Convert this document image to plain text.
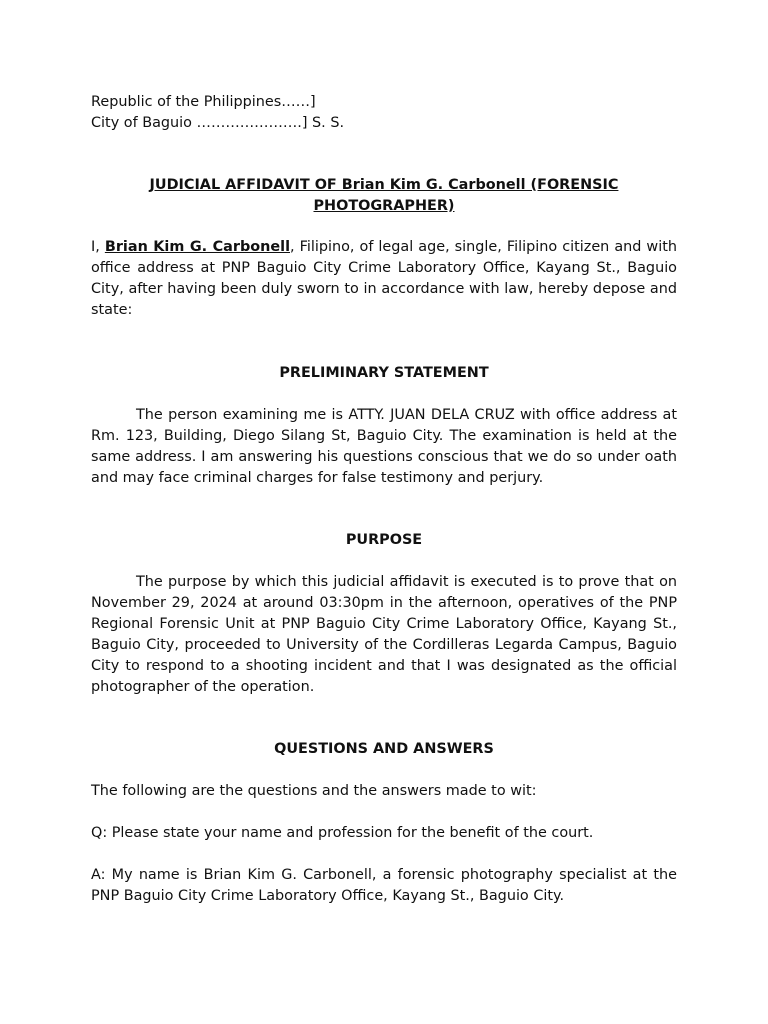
Republic of the Philippines……]
City of Baguio ………………….] S. S.

JUDICIAL AFFIDAVIT OF Brian Kim G. Carbonell (FORENSIC PHOTOGRAPHER)

I, Brian Kim G. Carbonell, Filipino, of legal age, single, Filipino citizen and with office address at PNP Baguio City Crime Laboratory Office, Kayang St., Baguio City, after having been duly sworn to in accordance with law, hereby depose and state:

PRELIMINARY STATEMENT

The person examining me is ATTY. JUAN DELA CRUZ with office address at Rm. 123, Building, Diego Silang St, Baguio City. The examination is held at the same address. I am answering his questions conscious that we do so under oath and may face criminal charges for false testimony and perjury.

PURPOSE

The purpose by which this judicial affidavit is executed is to prove that on November 29, 2024 at around 03:30pm in the afternoon, operatives of the PNP Regional Forensic Unit at PNP Baguio City Crime Laboratory Office, Kayang St., Baguio City, proceeded to University of the Cordilleras Legarda Campus, Baguio City to respond to a shooting incident and that I was designated as the official photographer of the operation.

QUESTIONS AND ANSWERS

The following are the questions and the answers made to wit:

Q: Please state your name and profession for the benefit of the court.

A: My name is Brian Kim G. Carbonell, a forensic photography specialist at the PNP Baguio City Crime Laboratory Office, Kayang St., Baguio City.
